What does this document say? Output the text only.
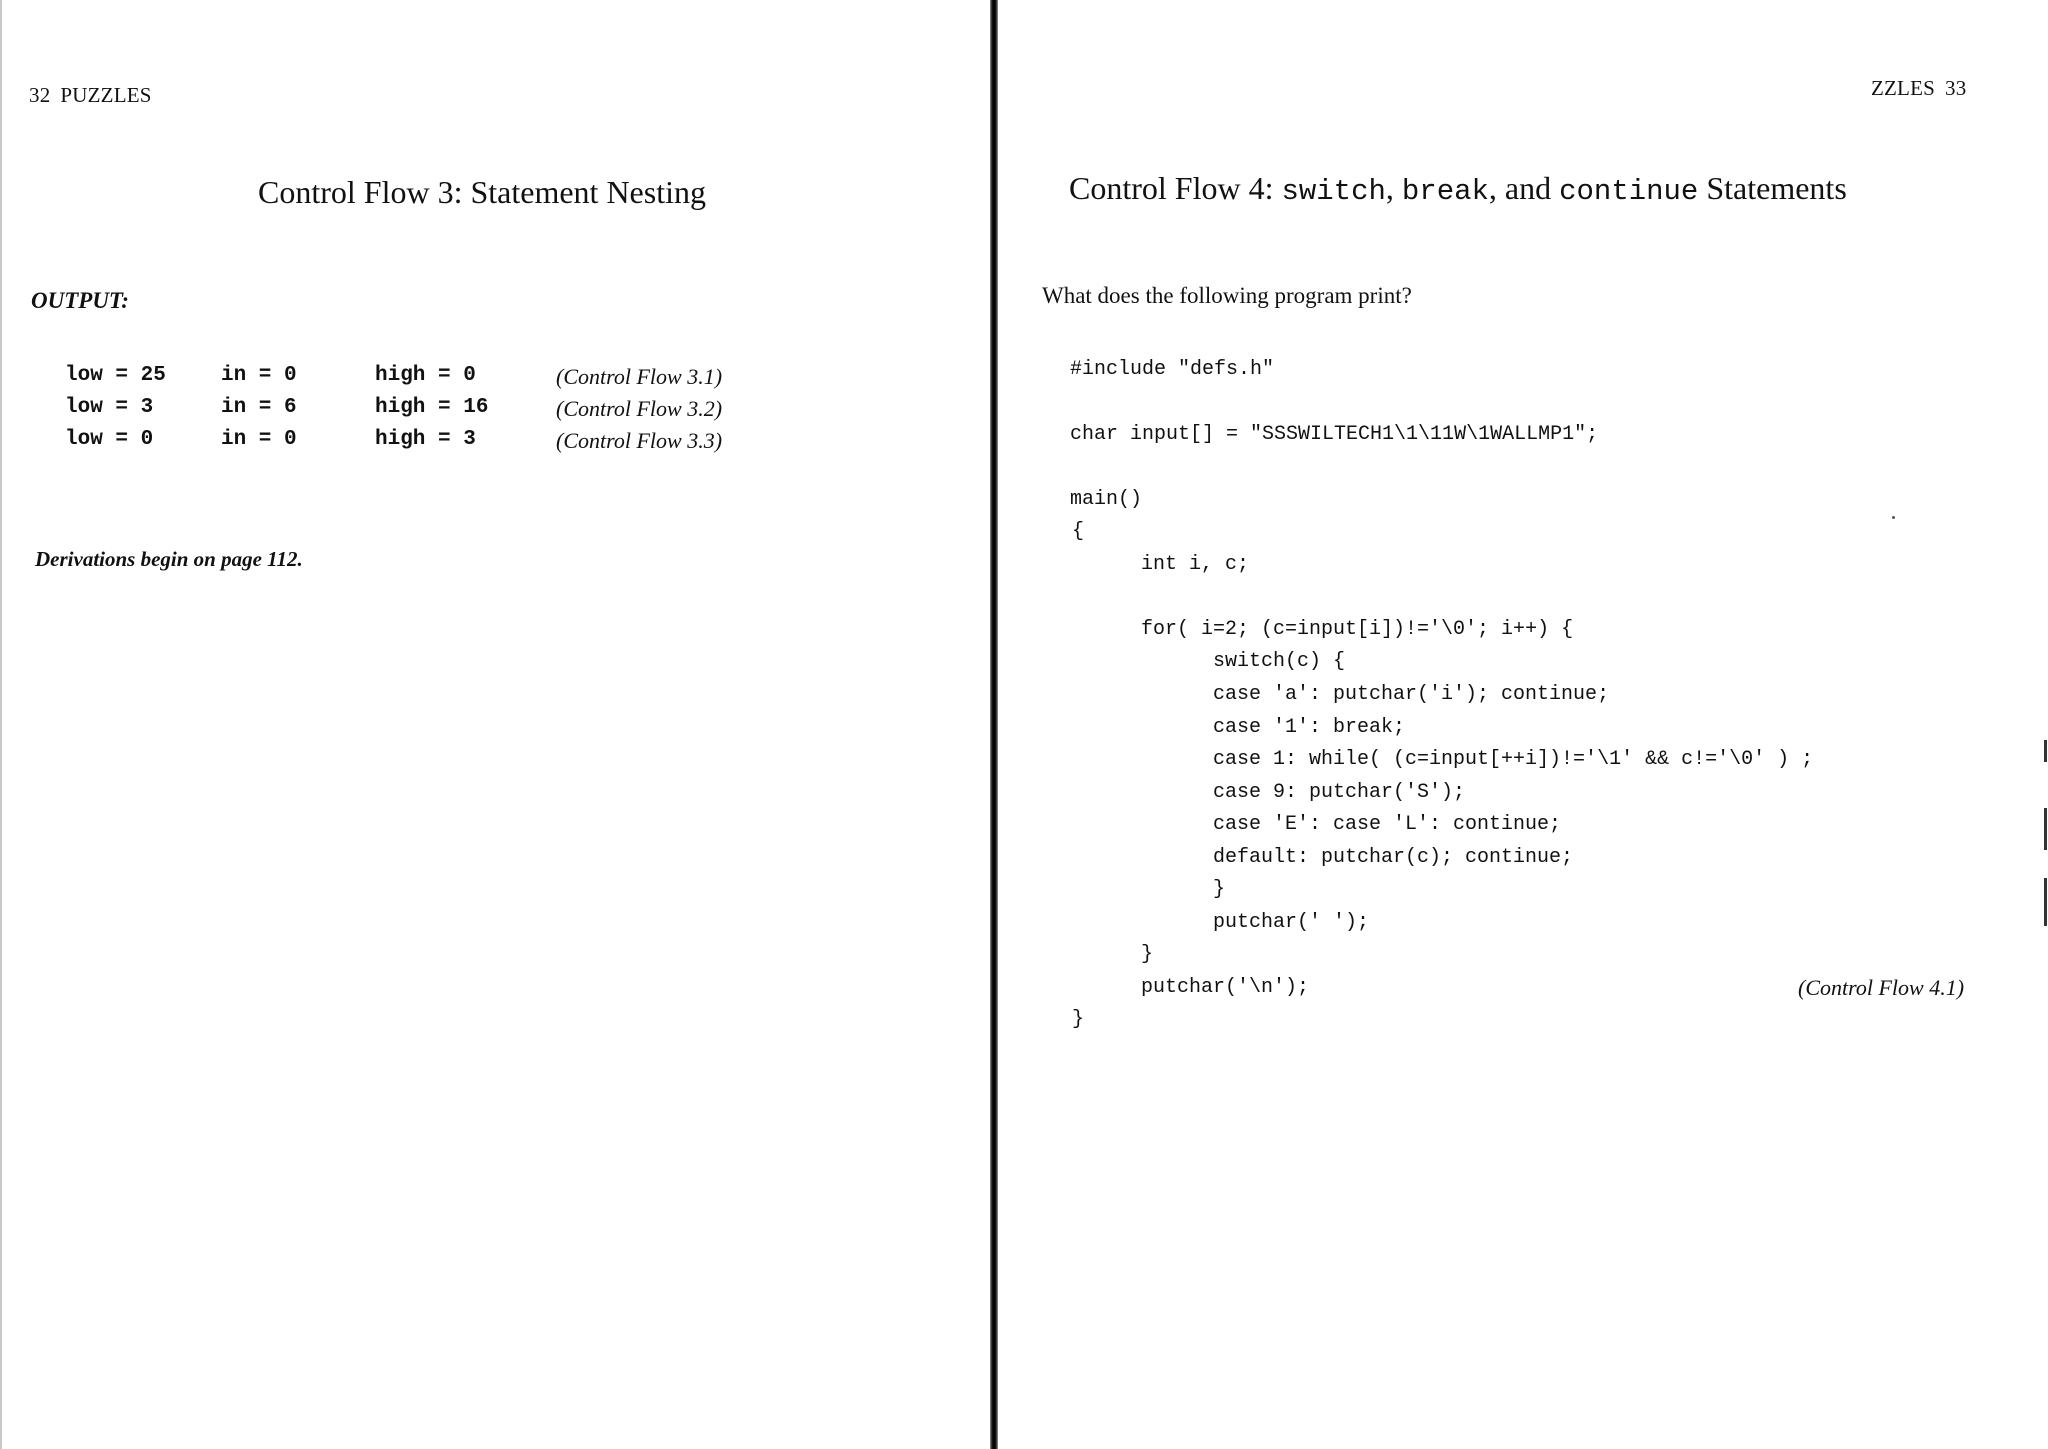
32 PUZZLES
Control Flow 3: Statement Nesting
OUTPUT:
low = 25	in = 0	high = 0	(Control Flow 3.1)
low = 3	in = 6	high = 16	(Control Flow 3.2)
low = 0	in = 0	high = 3	(Control Flow 3.3)
Derivations begin on page 112.
ZZLES 33
Control Flow 4: switch, break, and continue Statements
What does the following program print?
#include "defs.h"
char input[] = "SSSWILTECH1\1\11W\1WALLMP1";
main()
{
int i, c;
for( i=2; (c=input[i])!='\0'; i++) {
switch(c) {
case 'a': putchar('i'); continue;
case '1': break;
case 1: while( (c=input[++i])!='\1' && c!='\0' ) ;
case 9: putchar('S');
case 'E': case 'L': continue;
default: putchar(c); continue;
}
putchar(' ');
}
putchar('\n');
}
(Control Flow 4.1)
